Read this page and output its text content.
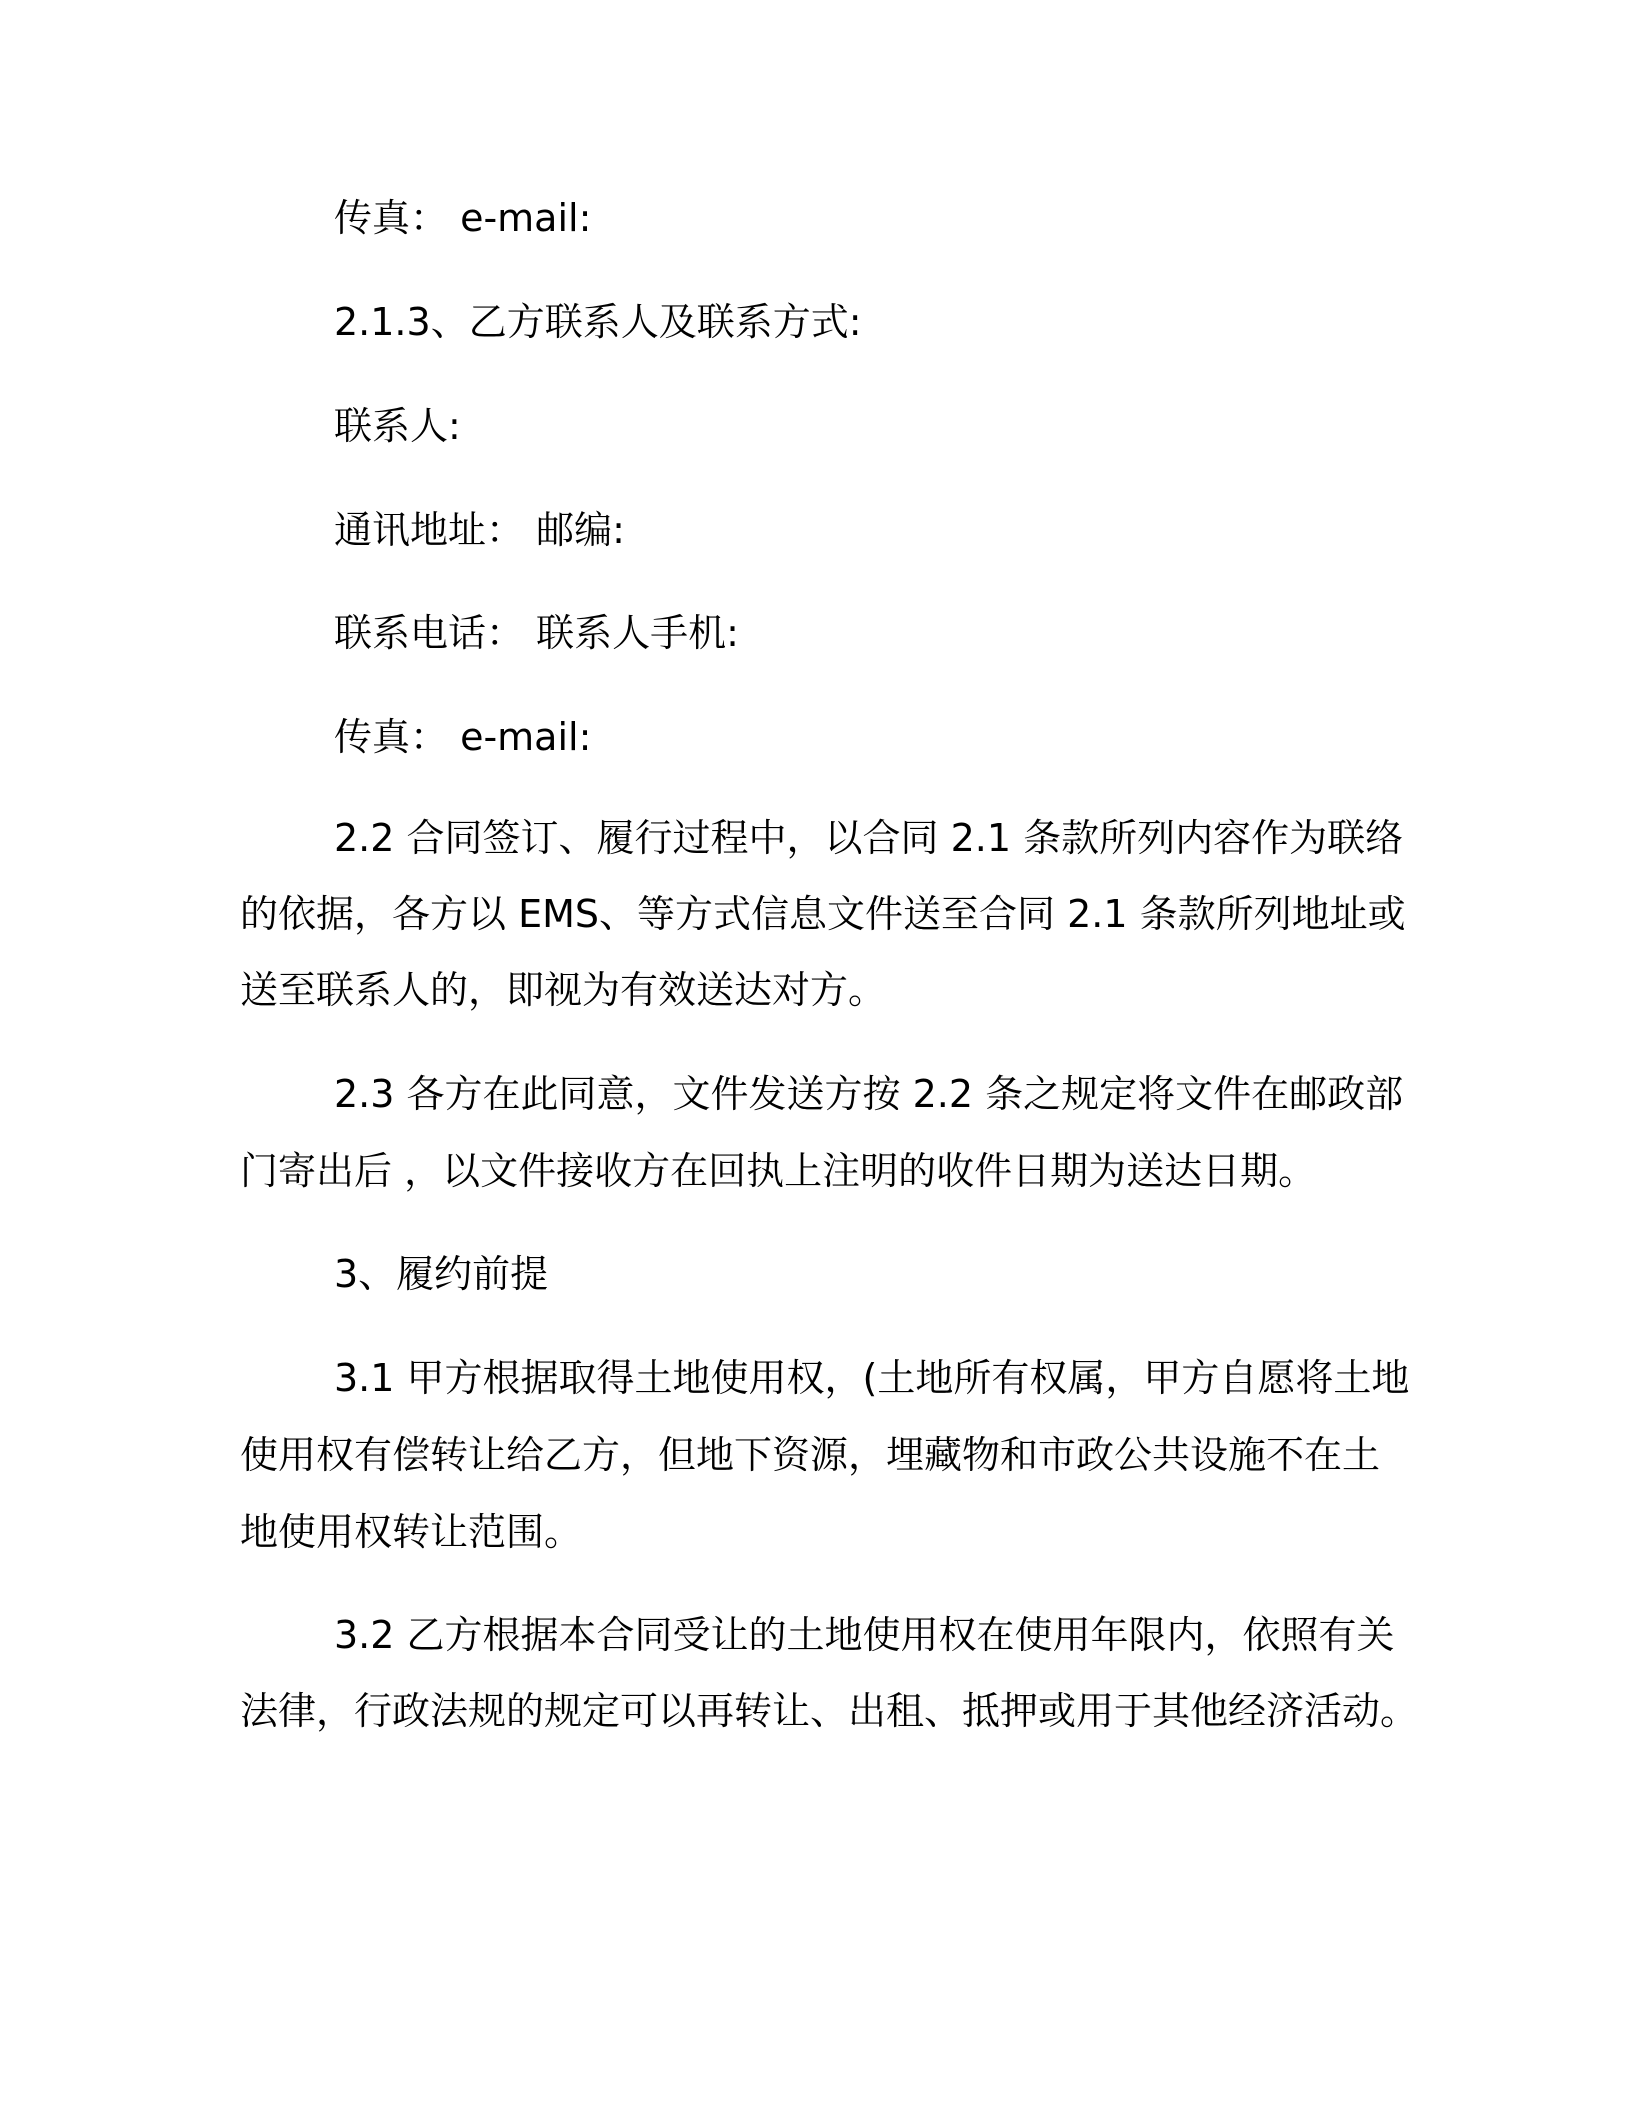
传真： e-mail:
2.1.3、乙方联系人及联系方式:
联系人:
通讯地址： 邮编:
联系电话： 联系人手机:
传真： e-mail:
2.2 合同签订、履行过程中，以合同 2.1 条款所列内容作为联络
的依据，各方以 EMS、等方式信息文件送至合同 2.1 条款所列地址或
送至联系人的，即视为有效送达对方。
2.3 各方在此同意，文件发送方按 2.2 条之规定将文件在邮政部
门寄出后 ，以文件接收方在回执上注明的收件日期为送达日期。
3、履约前提
3.1 甲方根据取得土地使用权，(土地所有权属，甲方自愿将土地
使用权有偿转让给乙方，但地下资源，埋藏物和市政公共设施不在土
地使用权转让范围。
3.2 乙方根据本合同受让的土地使用权在使用年限内，依照有关
法律，行政法规的规定可以再转让、出租、抵押或用于其他经济活动。
